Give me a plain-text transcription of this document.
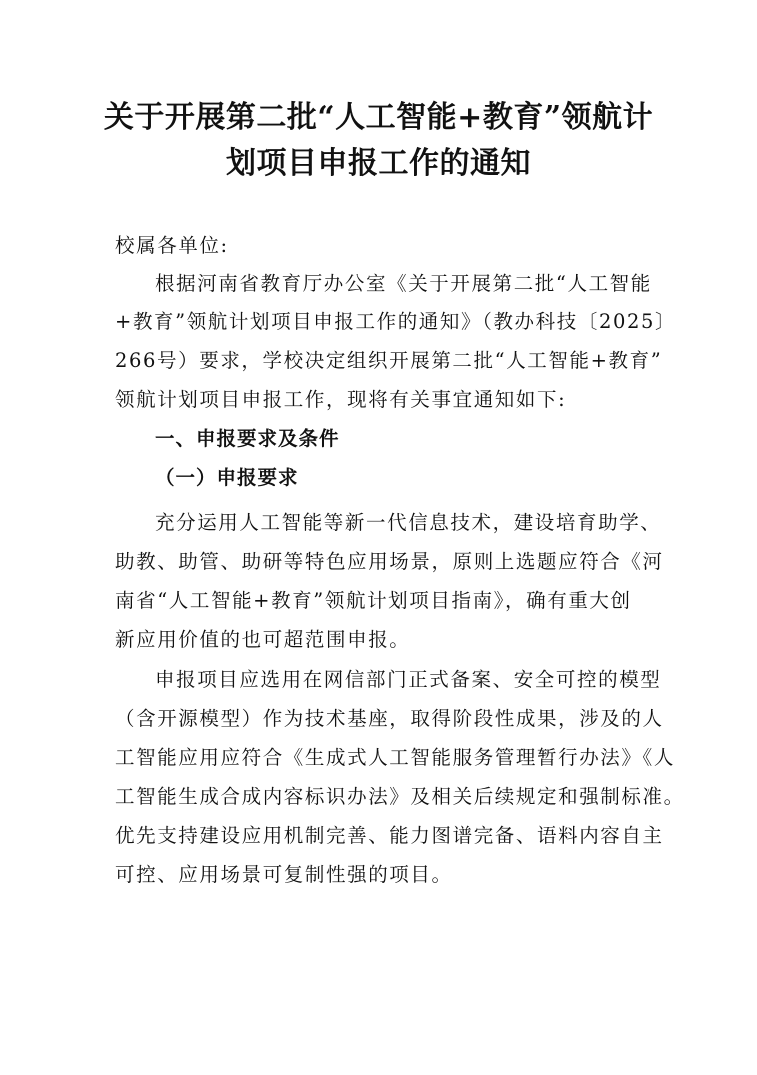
关于开展第二批“人工智能+教育”领航计
划项目申报工作的通知

校属各单位:

根据河南省教育厅办公室《关于开展第二批“人工智能

+教育”领航计划项目申报工作的通知》（教办科技〔2025〕

266号）要求，学校决定组织开展第二批“人工智能+教育”

领航计划项目申报工作，现将有关事宜通知如下:

一、申报要求及条件

（一）申报要求

充分运用人工智能等新一代信息技术，建设培育助学、

助教、助管、助研等特色应用场景，原则上选题应符合《河

南省“人工智能+教育”领航计划项目指南》，确有重大创

新应用价值的也可超范围申报。

申报项目应选用在网信部门正式备案、安全可控的模型

（含开源模型）作为技术基座，取得阶段性成果，涉及的人

工智能应用应符合《生成式人工智能服务管理暂行办法》《人

工智能生成合成内容标识办法》及相关后续规定和强制标准。

优先支持建设应用机制完善、能力图谱完备、语料内容自主

可控、应用场景可复制性强的项目。
